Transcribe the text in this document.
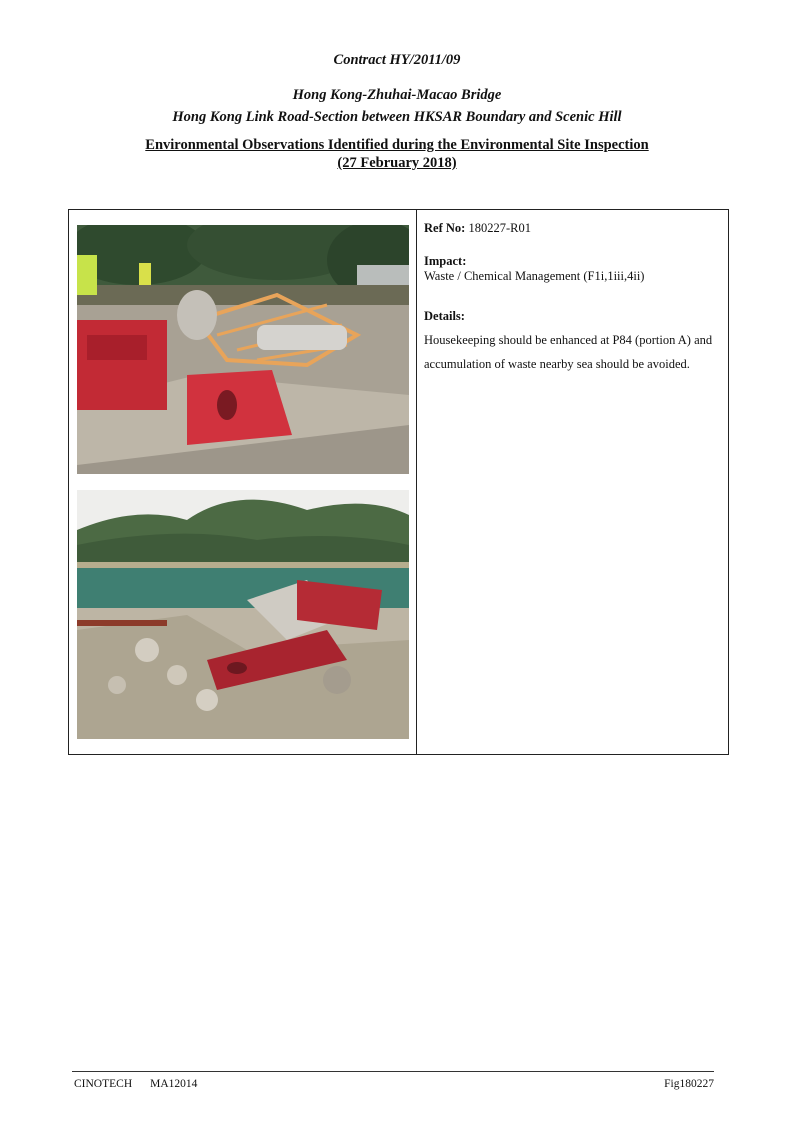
Contract HY/2011/09
Hong Kong-Zhuhai-Macao Bridge
Hong Kong Link Road-Section between HKSAR Boundary and Scenic Hill
Environmental Observations Identified during the Environmental Site Inspection
(27 February 2018)
Ref No: 180227-R01
Impact:
Waste / Chemical Management (F1i,1iii,4ii)
Details:
Housekeeping should be enhanced at P84 (portion A) and accumulation of waste nearby sea should be avoided.
CINOTECH MA12014	Fig180227
